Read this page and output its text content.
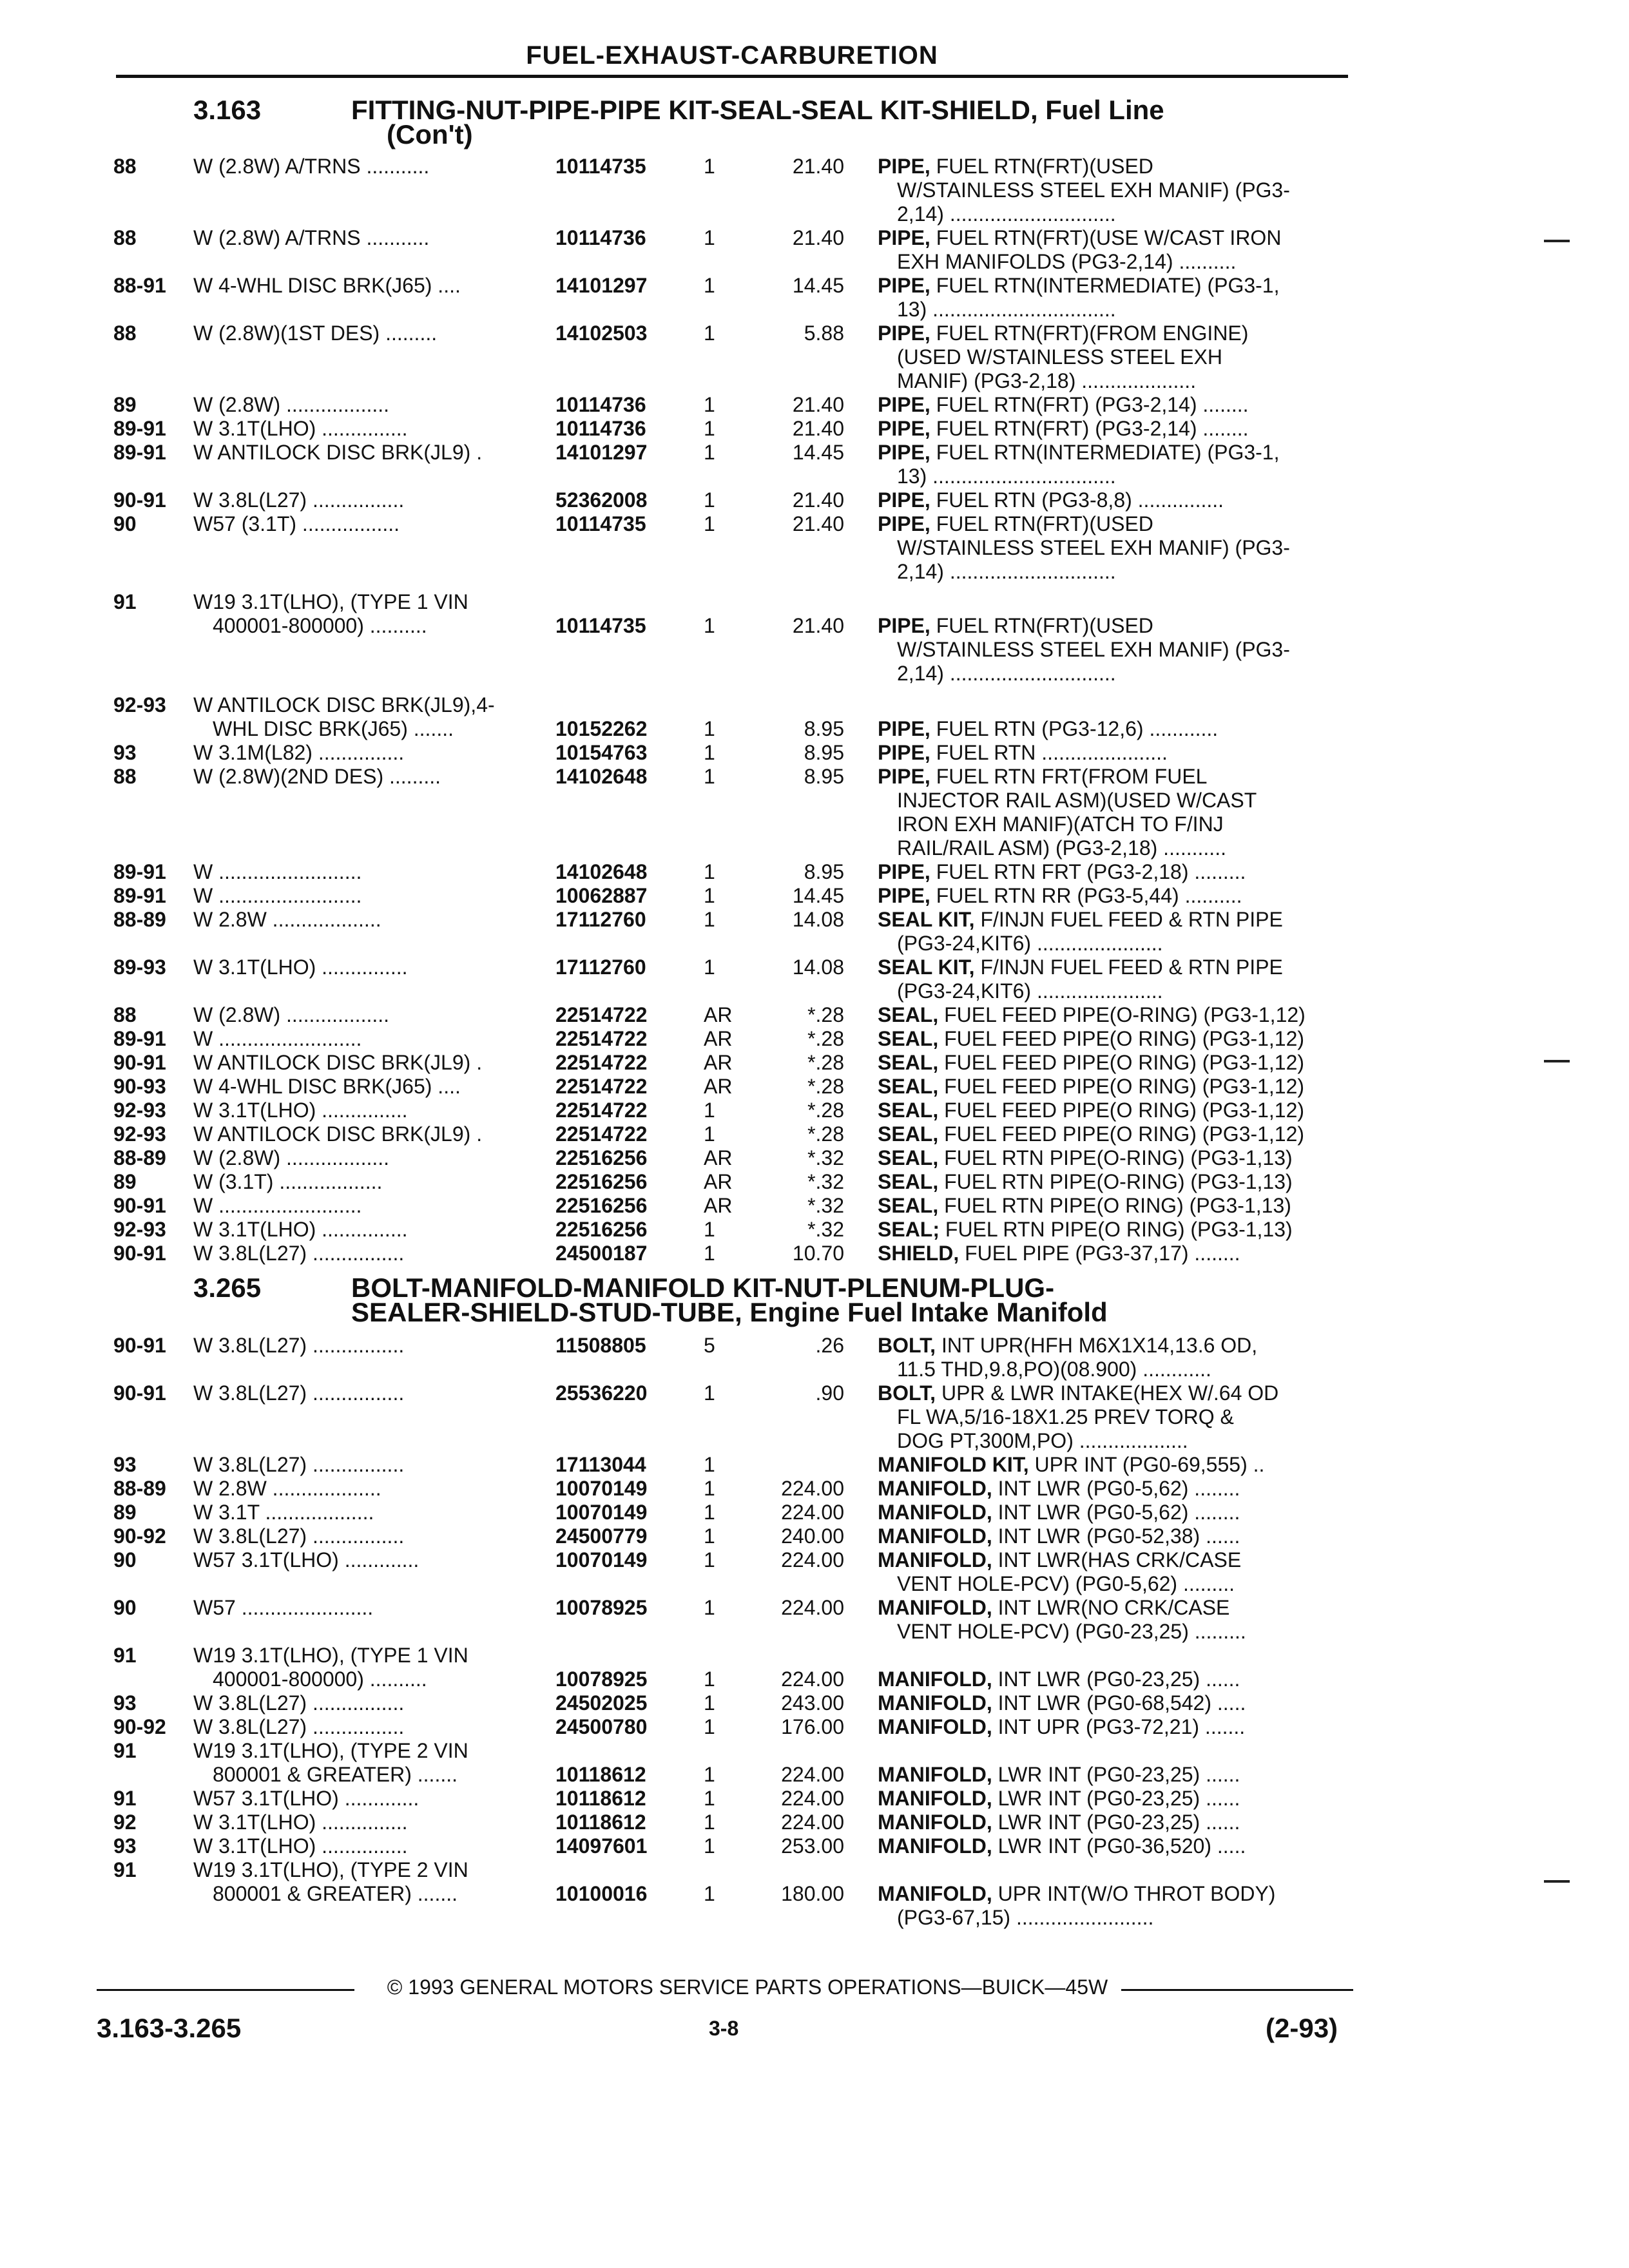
FUEL-EXHAUST-CARBURETION
3.163	FITTING-NUT-PIPE-PIPE KIT-SEAL-SEAL KIT-SHIELD, Fuel Line
(Con't)
88	W (2.8W) A/TRNS ...........	10114735	1	21.40 PIPE, FUEL RTN(FRT)(USED
W/STAINLESS STEEL EXH MANIF) (PG3-
2,14) .............................
88	W (2.8W) A/TRNS ...........	10114736	1	21.40 PIPE, FUEL RTN(FRT)(USE W/CAST IRON
EXH MANIFOLDS (PG3-2,14) ..........
88-91 W 4-WHL DISC BRK(J65) ....	14101297	1	14.45 PIPE, FUEL RTN(INTERMEDIATE) (PG3-1,
13) ................................
88	W (2.8W)(1ST DES) .........	14102503	1	5.88 PIPE, FUEL RTN(FRT)(FROM ENGINE)
(USED W/STAINLESS STEEL EXH
MANIF) (PG3-2,18) ....................
89	W (2.8W) ..................	10114736	1	21.40 PIPE, FUEL RTN(FRT) (PG3-2,14) ........
89-91 W 3.1T(LHO) ...............	10114736	1	21.40 PIPE, FUEL RTN(FRT) (PG3-2,14) ........
89-91 W ANTILOCK DISC BRK(JL9) .	14101297	1	14.45 PIPE, FUEL RTN(INTERMEDIATE) (PG3-1,
13) ................................
90-91 W 3.8L(L27) ................	52362008	1	21.40 PIPE, FUEL RTN (PG3-8,8) ...............
90	W57 (3.1T) .................	10114735	1	21.40 PIPE, FUEL RTN(FRT)(USED
W/STAINLESS STEEL EXH MANIF) (PG3-
2,14) .............................
91	W19 3.1T(LHO), (TYPE 1 VIN
400001-800000) ..........	10114735	1	21.40 PIPE, FUEL RTN(FRT)(USED
W/STAINLESS STEEL EXH MANIF) (PG3-
2,14) .............................
92-93 W ANTILOCK DISC BRK(JL9),4-
WHL DISC BRK(J65) .......	10152262	1	8.95 PIPE, FUEL RTN (PG3-12,6) ............
93	W 3.1M(L82) ...............	10154763	1	8.95 PIPE, FUEL RTN ......................
88	W (2.8W)(2ND DES) .........	14102648	1	8.95 PIPE, FUEL RTN FRT(FROM FUEL
INJECTOR RAIL ASM)(USED W/CAST
IRON EXH MANIF)(ATCH TO F/INJ
RAIL/RAIL ASM) (PG3-2,18) ...........
89-91 W .........................	14102648	1	8.95 PIPE, FUEL RTN FRT (PG3-2,18) .........
89-91 W .........................	10062887	1	14.45 PIPE, FUEL RTN RR (PG3-5,44) ..........
88-89 W 2.8W ...................	17112760	1	14.08 SEAL KIT, F/INJN FUEL FEED & RTN PIPE
(PG3-24,KIT6) ......................
89-93 W 3.1T(LHO) ...............	17112760	1	14.08 SEAL KIT, F/INJN FUEL FEED & RTN PIPE
(PG3-24,KIT6) ......................
88	W (2.8W) ..................	22514722	AR	*.28 SEAL, FUEL FEED PIPE(O-RING) (PG3-1,12)
89-91 W .........................	22514722	AR	*.28 SEAL, FUEL FEED PIPE(O RING) (PG3-1,12)
90-91 W ANTILOCK DISC BRK(JL9) .	22514722	AR	*.28 SEAL, FUEL FEED PIPE(O RING) (PG3-1,12)
90-93 W 4-WHL DISC BRK(J65) ....	22514722	AR	*.28 SEAL, FUEL FEED PIPE(O RING) (PG3-1,12)
92-93 W 3.1T(LHO) ...............	22514722	1	*.28 SEAL, FUEL FEED PIPE(O RING) (PG3-1,12)
92-93 W ANTILOCK DISC BRK(JL9) .	22514722	1	*.28 SEAL, FUEL FEED PIPE(O RING) (PG3-1,12)
88-89 W (2.8W) ..................	22516256	AR	*.32 SEAL, FUEL RTN PIPE(O-RING) (PG3-1,13)
89	W (3.1T) ..................	22516256	AR	*.32 SEAL, FUEL RTN PIPE(O-RING) (PG3-1,13)
90-91 W .........................	22516256	AR	*.32 SEAL, FUEL RTN PIPE(O RING) (PG3-1,13)
92-93 W 3.1T(LHO) ...............	22516256	1	*.32 SEAL; FUEL RTN PIPE(O RING) (PG3-1,13)
90-91 W 3.8L(L27) ................	24500187	1	10.70 SHIELD, FUEL PIPE (PG3-37,17) ........
90-91 W 3.8L(L27) ................	11508805	5	.26 BOLT, INT UPR(HFH M6X1X14,13.6 OD,
11.5 THD,9.8,PO)(08.900) ............
90-91 W 3.8L(L27) ................	25536220	1	.90 BOLT, UPR & LWR INTAKE(HEX W/.64 OD
FL WA,5/16-18X1.25 PREV TORQ &
DOG PT,300M,PO) ...................
93	W 3.8L(L27) ................	17113044	1	MANIFOLD KIT, UPR INT (PG0-69,555) ..
88-89 W 2.8W ...................	10070149	1	224.00 MANIFOLD, INT LWR (PG0-5,62) ........
89	W 3.1T ...................	10070149	1	224.00 MANIFOLD, INT LWR (PG0-5,62) ........
90-92 W 3.8L(L27) ................	24500779	1	240.00 MANIFOLD, INT LWR (PG0-52,38) ......
90	W57 3.1T(LHO) .............	10070149	1	224.00 MANIFOLD, INT LWR(HAS CRK/CASE
VENT HOLE-PCV) (PG0-5,62) .........
90	W57 .......................	10078925	1	224.00 MANIFOLD, INT LWR(NO CRK/CASE
VENT HOLE-PCV) (PG0-23,25) .........
91	W19 3.1T(LHO), (TYPE 1 VIN
400001-800000) ..........	10078925	1	224.00 MANIFOLD, INT LWR (PG0-23,25) ......
93	W 3.8L(L27) ................	24502025	1	243.00 MANIFOLD, INT LWR (PG0-68,542) .....
90-92 W 3.8L(L27) ................	24500780	1	176.00 MANIFOLD, INT UPR (PG3-72,21) .......
91	W19 3.1T(LHO), (TYPE 2 VIN
800001 & GREATER) .......	10118612	1	224.00 MANIFOLD, LWR INT (PG0-23,25) ......
91	W57 3.1T(LHO) .............	10118612	1	224.00 MANIFOLD, LWR INT (PG0-23,25) ......
92	W 3.1T(LHO) ...............	10118612	1	224.00 MANIFOLD, LWR INT (PG0-23,25) ......
93	W 3.1T(LHO) ...............	14097601	1	253.00 MANIFOLD, LWR INT (PG0-36,520) .....
91	W19 3.1T(LHO), (TYPE 2 VIN
800001 & GREATER) .......	10100016	1	180.00 MANIFOLD, UPR INT(W/O THROT BODY)
(PG3-67,15) ........................
3.265	BOLT-MANIFOLD-MANIFOLD KIT-NUT-PLENUM-PLUG-
SEALER-SHIELD-STUD-TUBE, Engine Fuel Intake Manifold
© 1993 GENERAL MOTORS SERVICE PARTS OPERATIONS—BUICK—45W
3.163-3.265	3-8	(2-93)
